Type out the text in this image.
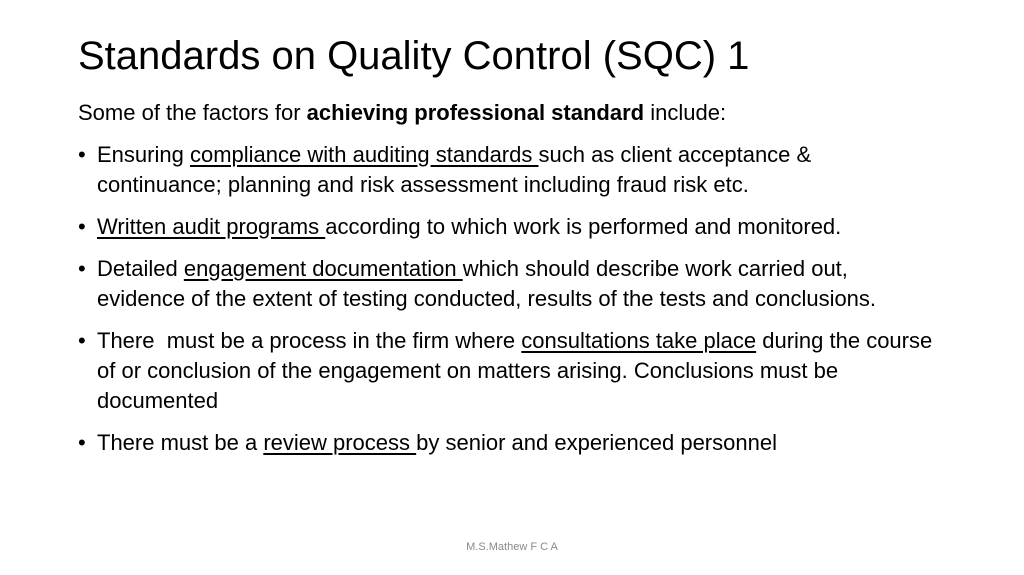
Standards on Quality Control (SQC) 1

Some of the factors for achieving professional standard include:

• Ensuring compliance with auditing standards such as client acceptance & continuance; planning and risk assessment including fraud risk etc.
• Written audit programs according to which work is performed and monitored.
• Detailed engagement documentation which should describe work carried out, evidence of the extent of testing conducted, results of the tests and conclusions.
• There  must be a process in the firm where consultations take place during the course of or conclusion of the engagement on matters arising. Conclusions must be documented
• There must be a review process by senior and experienced personnel
M.S.Mathew F C A
